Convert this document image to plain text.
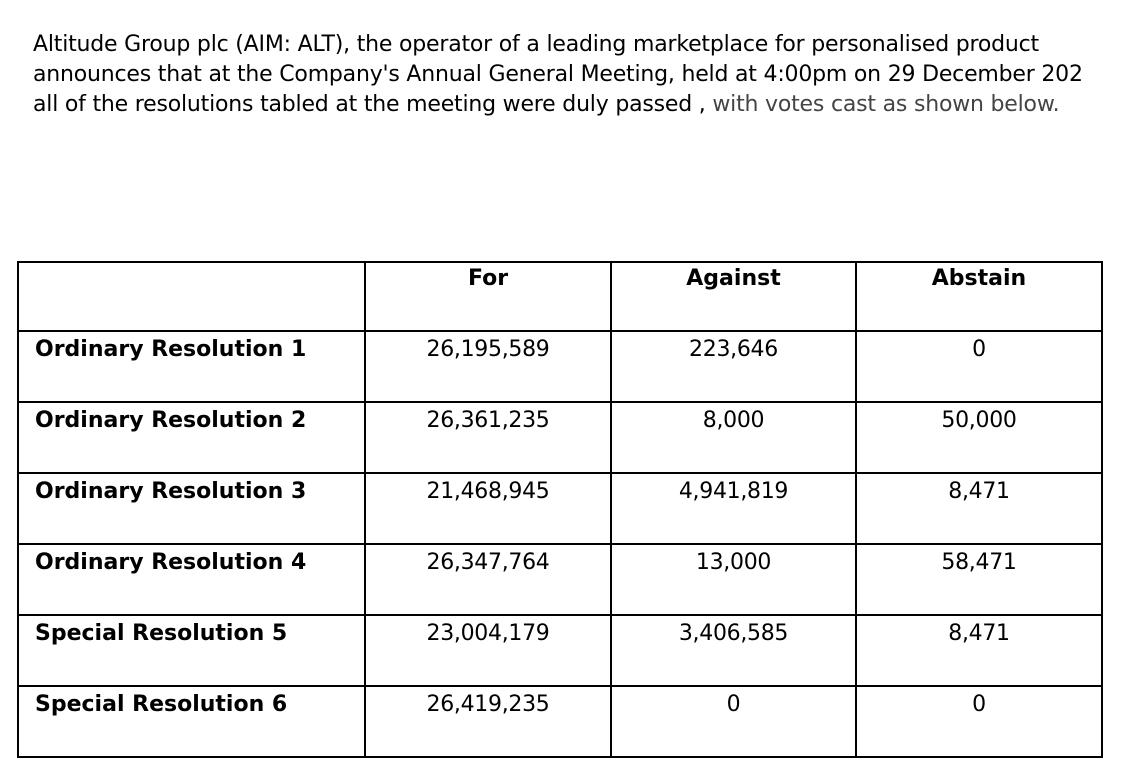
Altitude Group plc (AIM: ALT), the operator of a leading marketplace for personalised product
announces that at the Company's Annual General Meeting, held at 4:00pm on 29 December 202
all of the resolutions tabled at the meeting were duly passed , with votes cast as shown below.
	For	Against	Abstain
Ordinary Resolution 1	26,195,589	223,646	0
Ordinary Resolution 2	26,361,235	8,000	50,000
Ordinary Resolution 3	21,468,945	4,941,819	8,471
Ordinary Resolution 4	26,347,764	13,000	58,471
Special Resolution 5	23,004,179	3,406,585	8,471
Special Resolution 6	26,419,235	0	0
